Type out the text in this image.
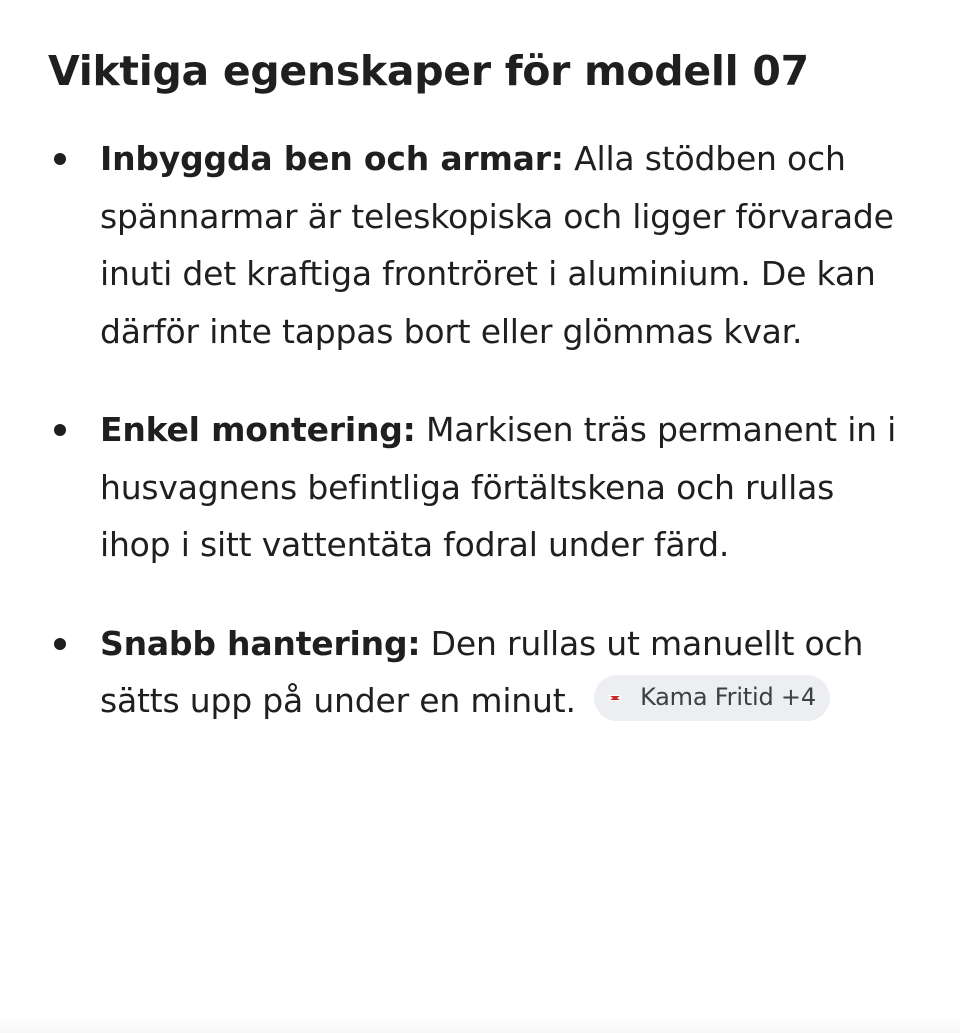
Viktiga egenskaper för modell 07
Inbyggda ben och armar: Alla stödben och spännarmar är teleskopiska och ligger förvarade inuti det kraftiga frontröret i aluminium. De kan därför inte tappas bort eller glömmas kvar.
Enkel montering: Markisen träs permanent in i husvagnens befintliga förtältskena och rullas ihop i sitt vattentäta fodral under färd.
Snabb hantering: Den rullas ut manuellt och sätts upp på under en minut.	Kama Fritid +4
